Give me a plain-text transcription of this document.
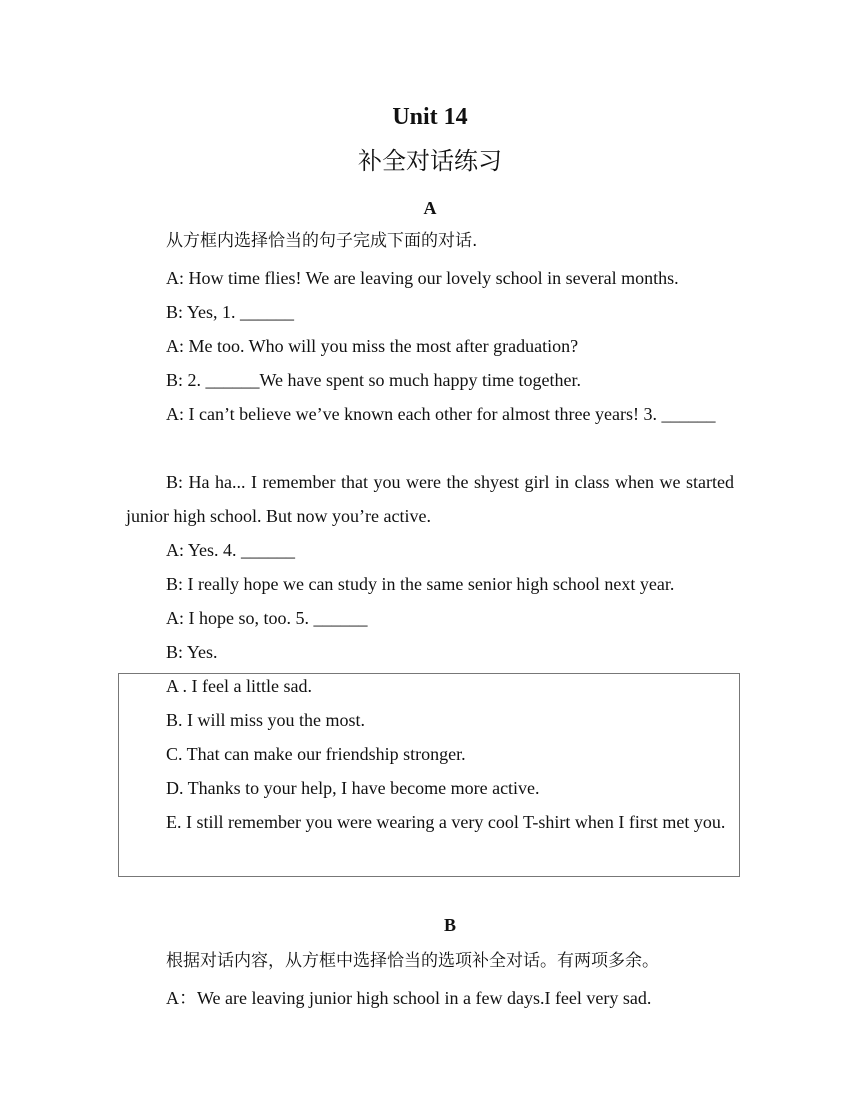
Unit 14
补全对话练习
A
从方框内选择恰当的句子完成下面的对话.
A: How time flies! We are leaving our lovely school in several months.
B: Yes, 1. ______
A: Me too. Who will you miss the most after graduation?
B: 2. ______We have spent so much happy time together.
A: I can’t believe we’ve known each other for almost three years! 3. ______
B: Ha ha... I remember that you were the shyest girl in class when we started junior high school. But now you’re active.
A: Yes. 4. ______
B: I really hope we can study in the same senior high school next year.
A: I hope so, too. 5. ______
B: Yes.
A . I feel a little sad.
B. I will miss you the most.
C. That can make our friendship stronger.
D. Thanks to your help, I have become more active.
E. I still remember you were wearing a very cool T-shirt when I first met you.
B
根据对话内容，从方框中选择恰当的选项补全对话。有两项多余。
A：We are leaving junior high school in a few days.I feel very sad.
